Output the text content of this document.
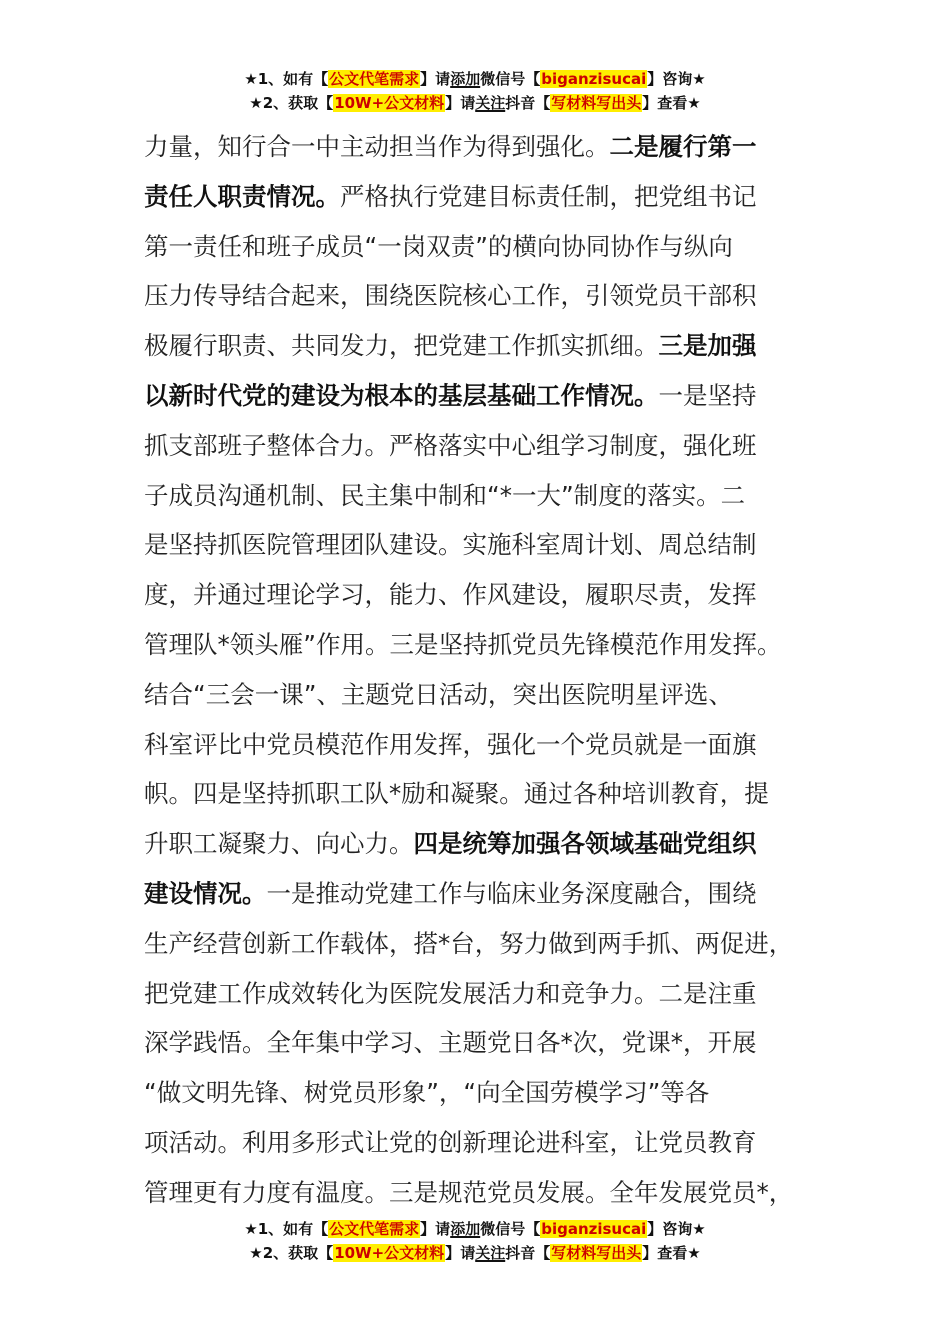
★1、如有【公文代笔需求】请添加微信号【biganzisucai】咨询★
★2、获取【10W+公文材料】请关注抖音【写材料写出头】查看★
力量，知行合一中主动担当作为得到强化。二是履行第一
责任人职责情况。严格执行党建目标责任制，把党组书记
第一责任和班子成员“一岗双责”的横向协同协作与纵向
压力传导结合起来，围绕医院核心工作，引领党员干部积
极履行职责、共同发力，把党建工作抓实抓细。三是加强
以新时代党的建设为根本的基层基础工作情况。一是坚持
抓支部班子整体合力。严格落实中心组学习制度，强化班
子成员沟通机制、民主集中制和“*一大”制度的落实。二
是坚持抓医院管理团队建设。实施科室周计划、周总结制
度，并通过理论学习，能力、作风建设，履职尽责，发挥
管理队*领头雁”作用。三是坚持抓党员先锋模范作用发挥。
结合“三会一课”、主题党日活动，突出医院明星评选、
科室评比中党员模范作用发挥，强化一个党员就是一面旗
帜。四是坚持抓职工队*励和凝聚。通过各种培训教育，提
升职工凝聚力、向心力。四是统筹加强各领域基础党组织
建设情况。一是推动党建工作与临床业务深度融合，围绕
生产经营创新工作载体，搭*台，努力做到两手抓、两促进，
把党建工作成效转化为医院发展活力和竞争力。二是注重
深学践悟。全年集中学习、主题党日各*次，党课*，开展
“做文明先锋、树党员形象”，“向全国劳模学习”等各
项活动。利用多形式让党的创新理论进科室，让党员教育
管理更有力度有温度。三是规范党员发展。全年发展党员*，
★1、如有【公文代笔需求】请添加微信号【biganzisucai】咨询★
★2、获取【10W+公文材料】请关注抖音【写材料写出头】查看★
